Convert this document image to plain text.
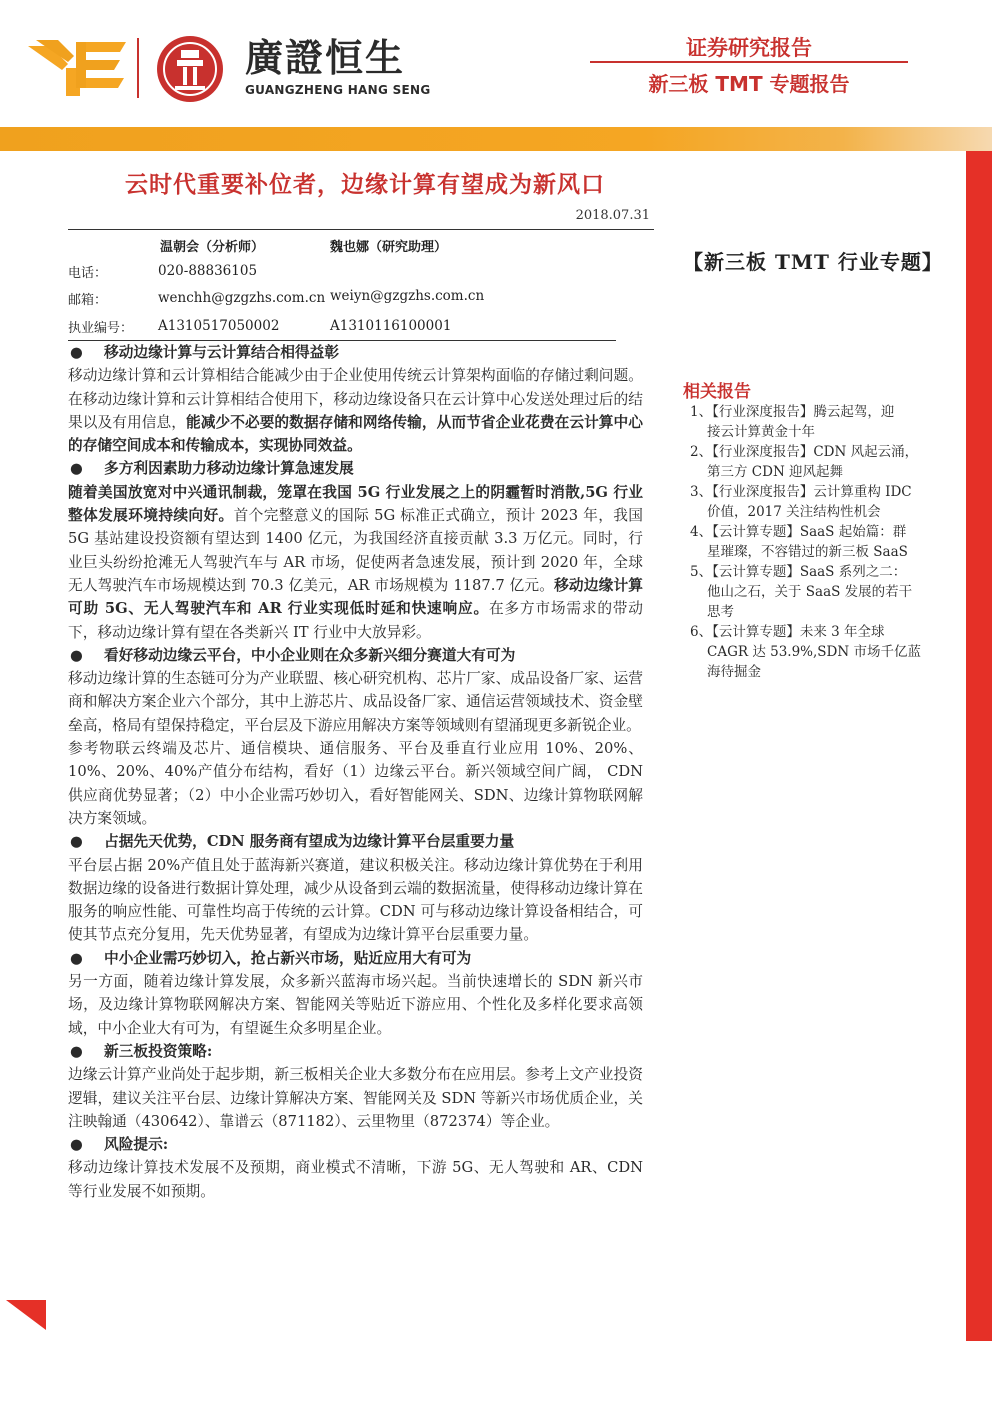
廣證恒生
GUANGZHENG HANG SENG
证券研究报告
新三板 TMT 专题报告
云时代重要补位者，边缘计算有望成为新风口
2018.07.31
温朝会（分析师）	魏也娜（研究助理）
电话：	020-88836105
邮箱：	wenchh@gzgzhs.com.cn weiyn@gzgzhs.com.cn
执业编号： A1310517050002	A1310116100001
【新三板 TMT 行业专题】

● 移动边缘计算与云计算结合相得益彰

移动边缘计算和云计算相结合能减少由于企业使用传统云计算架构面临的存储过剩问题。在移动边缘计算和云计算相结合使用下，移动边缘设备只在云计算中心发送处理过后的结果以及有用信息，能减少不必要的数据存储和网络传输，从而节省企业花费在云计算中心的存储空间成本和传输成本，实现协同效益。

● 多方利因素助力移动边缘计算急速发展

随着美国放宽对中兴通讯制裁，笼罩在我国 5G 行业发展之上的阴霾暂时消散,5G 行业整体发展环境持续向好。首个完整意义的国际 5G 标准正式确立，预计 2023 年，我国 5G 基站建设投资额有望达到 1400 亿元，为我国经济直接贡献 3.3 万亿元。同时，行业巨头纷纷抢滩无人驾驶汽车与 AR 市场，促使两者急速发展，预计到 2020 年，全球无人驾驶汽车市场规模达到 70.3 亿美元，AR 市场规模为 1187.7 亿元。移动边缘计算可助 5G、无人驾驶汽车和 AR 行业实现低时延和快速响应。在多方市场需求的带动下，移动边缘计算有望在各类新兴 IT 行业中大放异彩。

● 看好移动边缘云平台，中小企业则在众多新兴细分赛道大有可为

移动边缘计算的生态链可分为产业联盟、核心研究机构、芯片厂家、成品设备厂家、运营商和解决方案企业六个部分，其中上游芯片、成品设备厂家、通信运营领域技术、资金壁垒高，格局有望保持稳定，平台层及下游应用解决方案等领域则有望涌现更多新锐企业。

参考物联云终端及芯片、通信模块、通信服务、平台及垂直行业应用 10%、20%、10%、20%、40%产值分布结构，看好（1）边缘云平台。新兴领域空间广阔， CDN 供应商优势显著；（2）中小企业需巧妙切入，看好智能网关、SDN、边缘计算物联网解决方案领域。

● 占据先天优势，CDN 服务商有望成为边缘计算平台层重要力量

平台层占据 20%产值且处于蓝海新兴赛道，建议积极关注。移动边缘计算优势在于利用数据边缘的设备进行数据计算处理，减少从设备到云端的数据流量，使得移动边缘计算在服务的响应性能、可靠性均高于传统的云计算。CDN 可与移动边缘计算设备相结合，可使其节点充分复用，先天优势显著，有望成为边缘计算平台层重要力量。

● 中小企业需巧妙切入，抢占新兴市场，贴近应用大有可为

另一方面，随着边缘计算发展，众多新兴蓝海市场兴起。当前快速增长的 SDN 新兴市场，及边缘计算物联网解决方案、智能网关等贴近下游应用、个性化及多样化要求高领域，中小企业大有可为，有望诞生众多明星企业。

● 新三板投资策略:

边缘云计算产业尚处于起步期，新三板相关企业大多数分布在应用层。参考上文产业投资逻辑，建议关注平台层、边缘计算解决方案、智能网关及 SDN 等新兴市场优质企业，关注映翰通（430642）、靠谱云（871182）、云里物里（872374）等企业。

● 风险提示:

移动边缘计算技术发展不及预期，商业模式不清晰，下游 5G、无人驾驶和 AR、CDN 等行业发展不如预期。

相关报告
1、【行业深度报告】腾云起驾，迎
接云计算黄金十年
2、【行业深度报告】CDN 风起云涌，
第三方 CDN 迎风起舞
3、【行业深度报告】云计算重构 IDC
价值，2017 关注结构性机会
4、【云计算专题】SaaS 起始篇：群
星璀璨，不容错过的新三板 SaaS
5、【云计算专题】SaaS 系列之二：
他山之石，关于 SaaS 发展的若干
思考
6、【云计算专题】未来 3 年全球
CAGR 达 53.9%,SDN 市场千亿蓝
海待掘金
